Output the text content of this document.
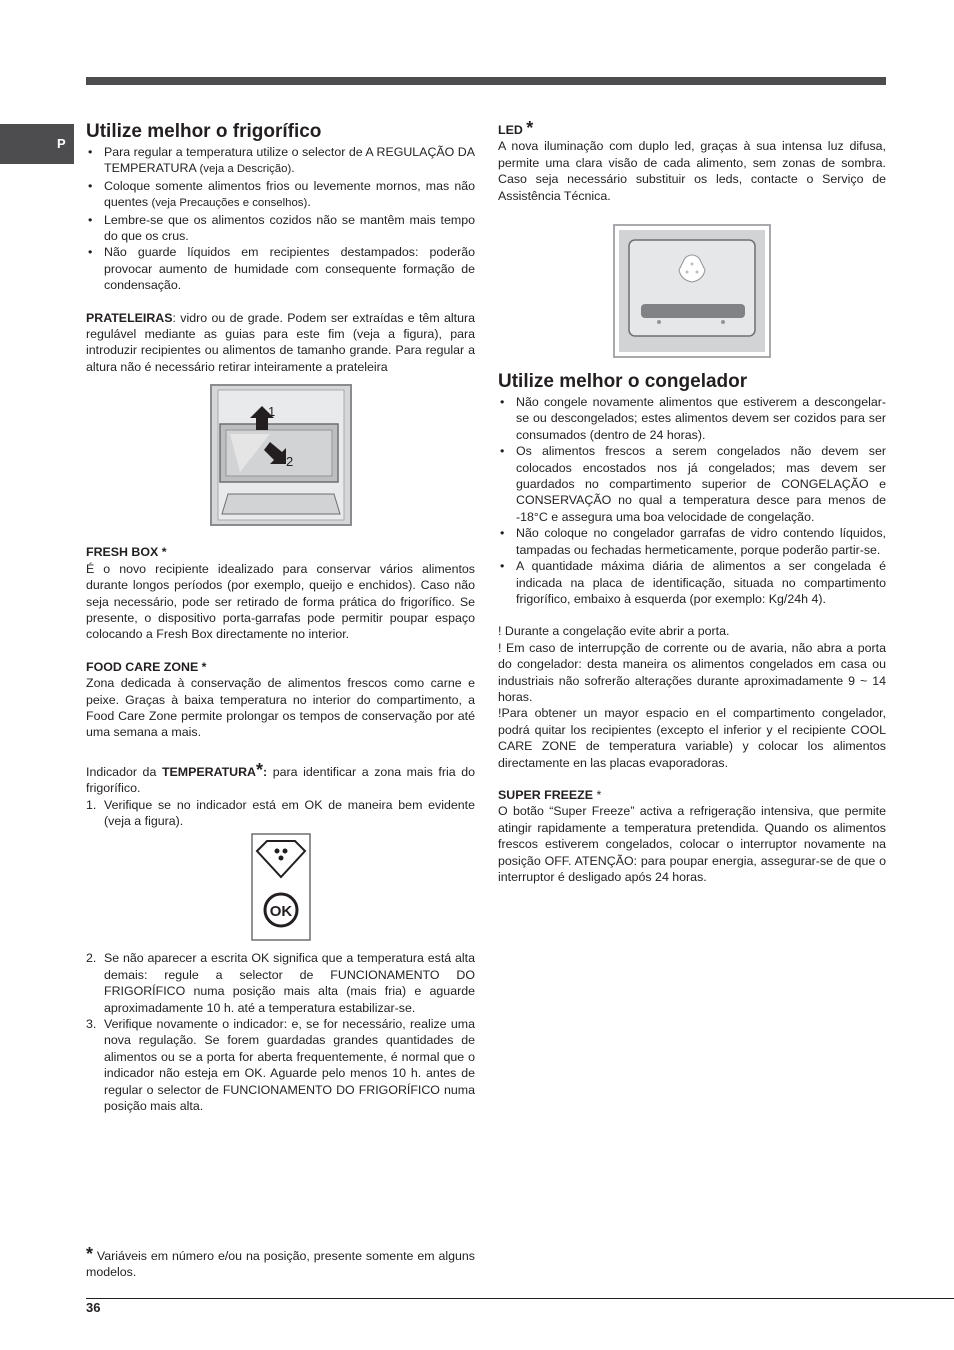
P
Utilize melhor o frigorífico
• Para regular a temperatura utilize o selector de A REGULAÇÃO DA TEMPERATURA (veja a Descrição).
• Coloque somente alimentos frios ou levemente mornos, mas não quentes (veja Precauções e conselhos).
• Lembre-se que os alimentos cozidos não se mantêm mais tempo do que os crus.
• Não guarde líquidos em recipientes destampados: poderão provocar aumento de humidade com consequente formação de condensação.

PRATELEIRAS: vidro ou de grade. Podem ser extraídas e têm altura regulável mediante as guias para este fim (veja a figura), para introduzir recipientes ou alimentos de tamanho grande. Para regular a altura não é necessário retirar inteiramente a prateleira

1
2
FRESH BOX *

É o novo recipiente idealizado para conservar vários alimentos durante longos períodos (por exemplo, queijo e enchidos). Caso não seja necessário, pode ser retirado de forma prática do frigorífico. Se presente, o dispositivo porta-garrafas pode permitir poupar espaço colocando a Fresh Box directamente no interior.

FOOD CARE ZONE *

Zona dedicada à conservação de alimentos frescos como carne e peixe. Graças à baixa temperatura no interior do compartimento, a Food Care Zone permite prolongar os tempos de conservação por até uma semana a mais.

Indicador da TEMPERATURA*: para identificar a zona mais fria do frigorífico.

1. Verifique se no indicador está em OK de maneira bem evidente (veja a figura).
OK
2. Se não aparecer a escrita OK significa que a temperatura está alta demais: regule a selector de FUNCIONAMENTO DO FRIGORÍFICO numa posição mais alta (mais fria) e aguarde aproximadamente 10 h. até a temperatura estabilizar-se.
3. Verifique novamente o indicador: e, se for necessário, realize uma nova regulação. Se forem guardadas grandes quantidades de alimentos ou se a porta for aberta frequentemente, é normal que o indicador não esteja em OK. Aguarde pelo menos 10 h. antes de regular o selector de FUNCIONAMENTO DO FRIGORÍFICO numa posição mais alta.
LED *

A nova iluminação com duplo led, graças à sua intensa luz difusa, permite uma clara visão de cada alimento, sem zonas de sombra. Caso seja necessário substituir os leds, contacte o Serviço de Assistência Técnica.

Utilize melhor o congelador
• Não congele novamente alimentos que estiverem a descongelar-se ou descongelados; estes alimentos devem ser cozidos para ser consumados (dentro de 24 horas).
• Os alimentos frescos a serem congelados não devem ser colocados encostados nos já congelados; mas devem ser guardados no compartimento superior de CONGELAÇÃO e CONSERVAÇÃO no qual a temperatura desce para menos de -18°C e assegura uma boa velocidade de congelação.
• Não coloque no congelador garrafas de vidro contendo líquidos, tampadas ou fechadas hermeticamente, porque poderão partir-se.
• A quantidade máxima diária de alimentos a ser congelada é indicada na placa de identificação, situada no compartimento frigorífico, embaixo à esquerda (por exemplo: Kg/24h 4).

! Durante a congelação evite abrir a porta.

! Em caso de interrupção de corrente ou de avaria, não abra a porta do congelador: desta maneira os alimentos congelados em casa ou industriais não sofrerão alterações durante aproximadamente 9 ~ 14 horas.

!Para obtener un mayor espacio en el compartimento congelador, podrá quitar los recipientes (excepto el inferior y el recipiente COOL CARE ZONE de temperatura variable) y colocar los alimentos directamente en las placas evaporadoras.

SUPER FREEZE *

O botão “Super Freeze” activa a refrigeração intensiva, que permite atingir rapidamente a temperatura pretendida. Quando os alimentos frescos estiverem congelados, colocar o interruptor novamente na posição OFF. ATENÇÃO: para poupar energia, assegurar-se de que o interruptor é desligado após 24 horas.

* Variáveis em número e/ou na posição, presente somente em alguns modelos.
36
